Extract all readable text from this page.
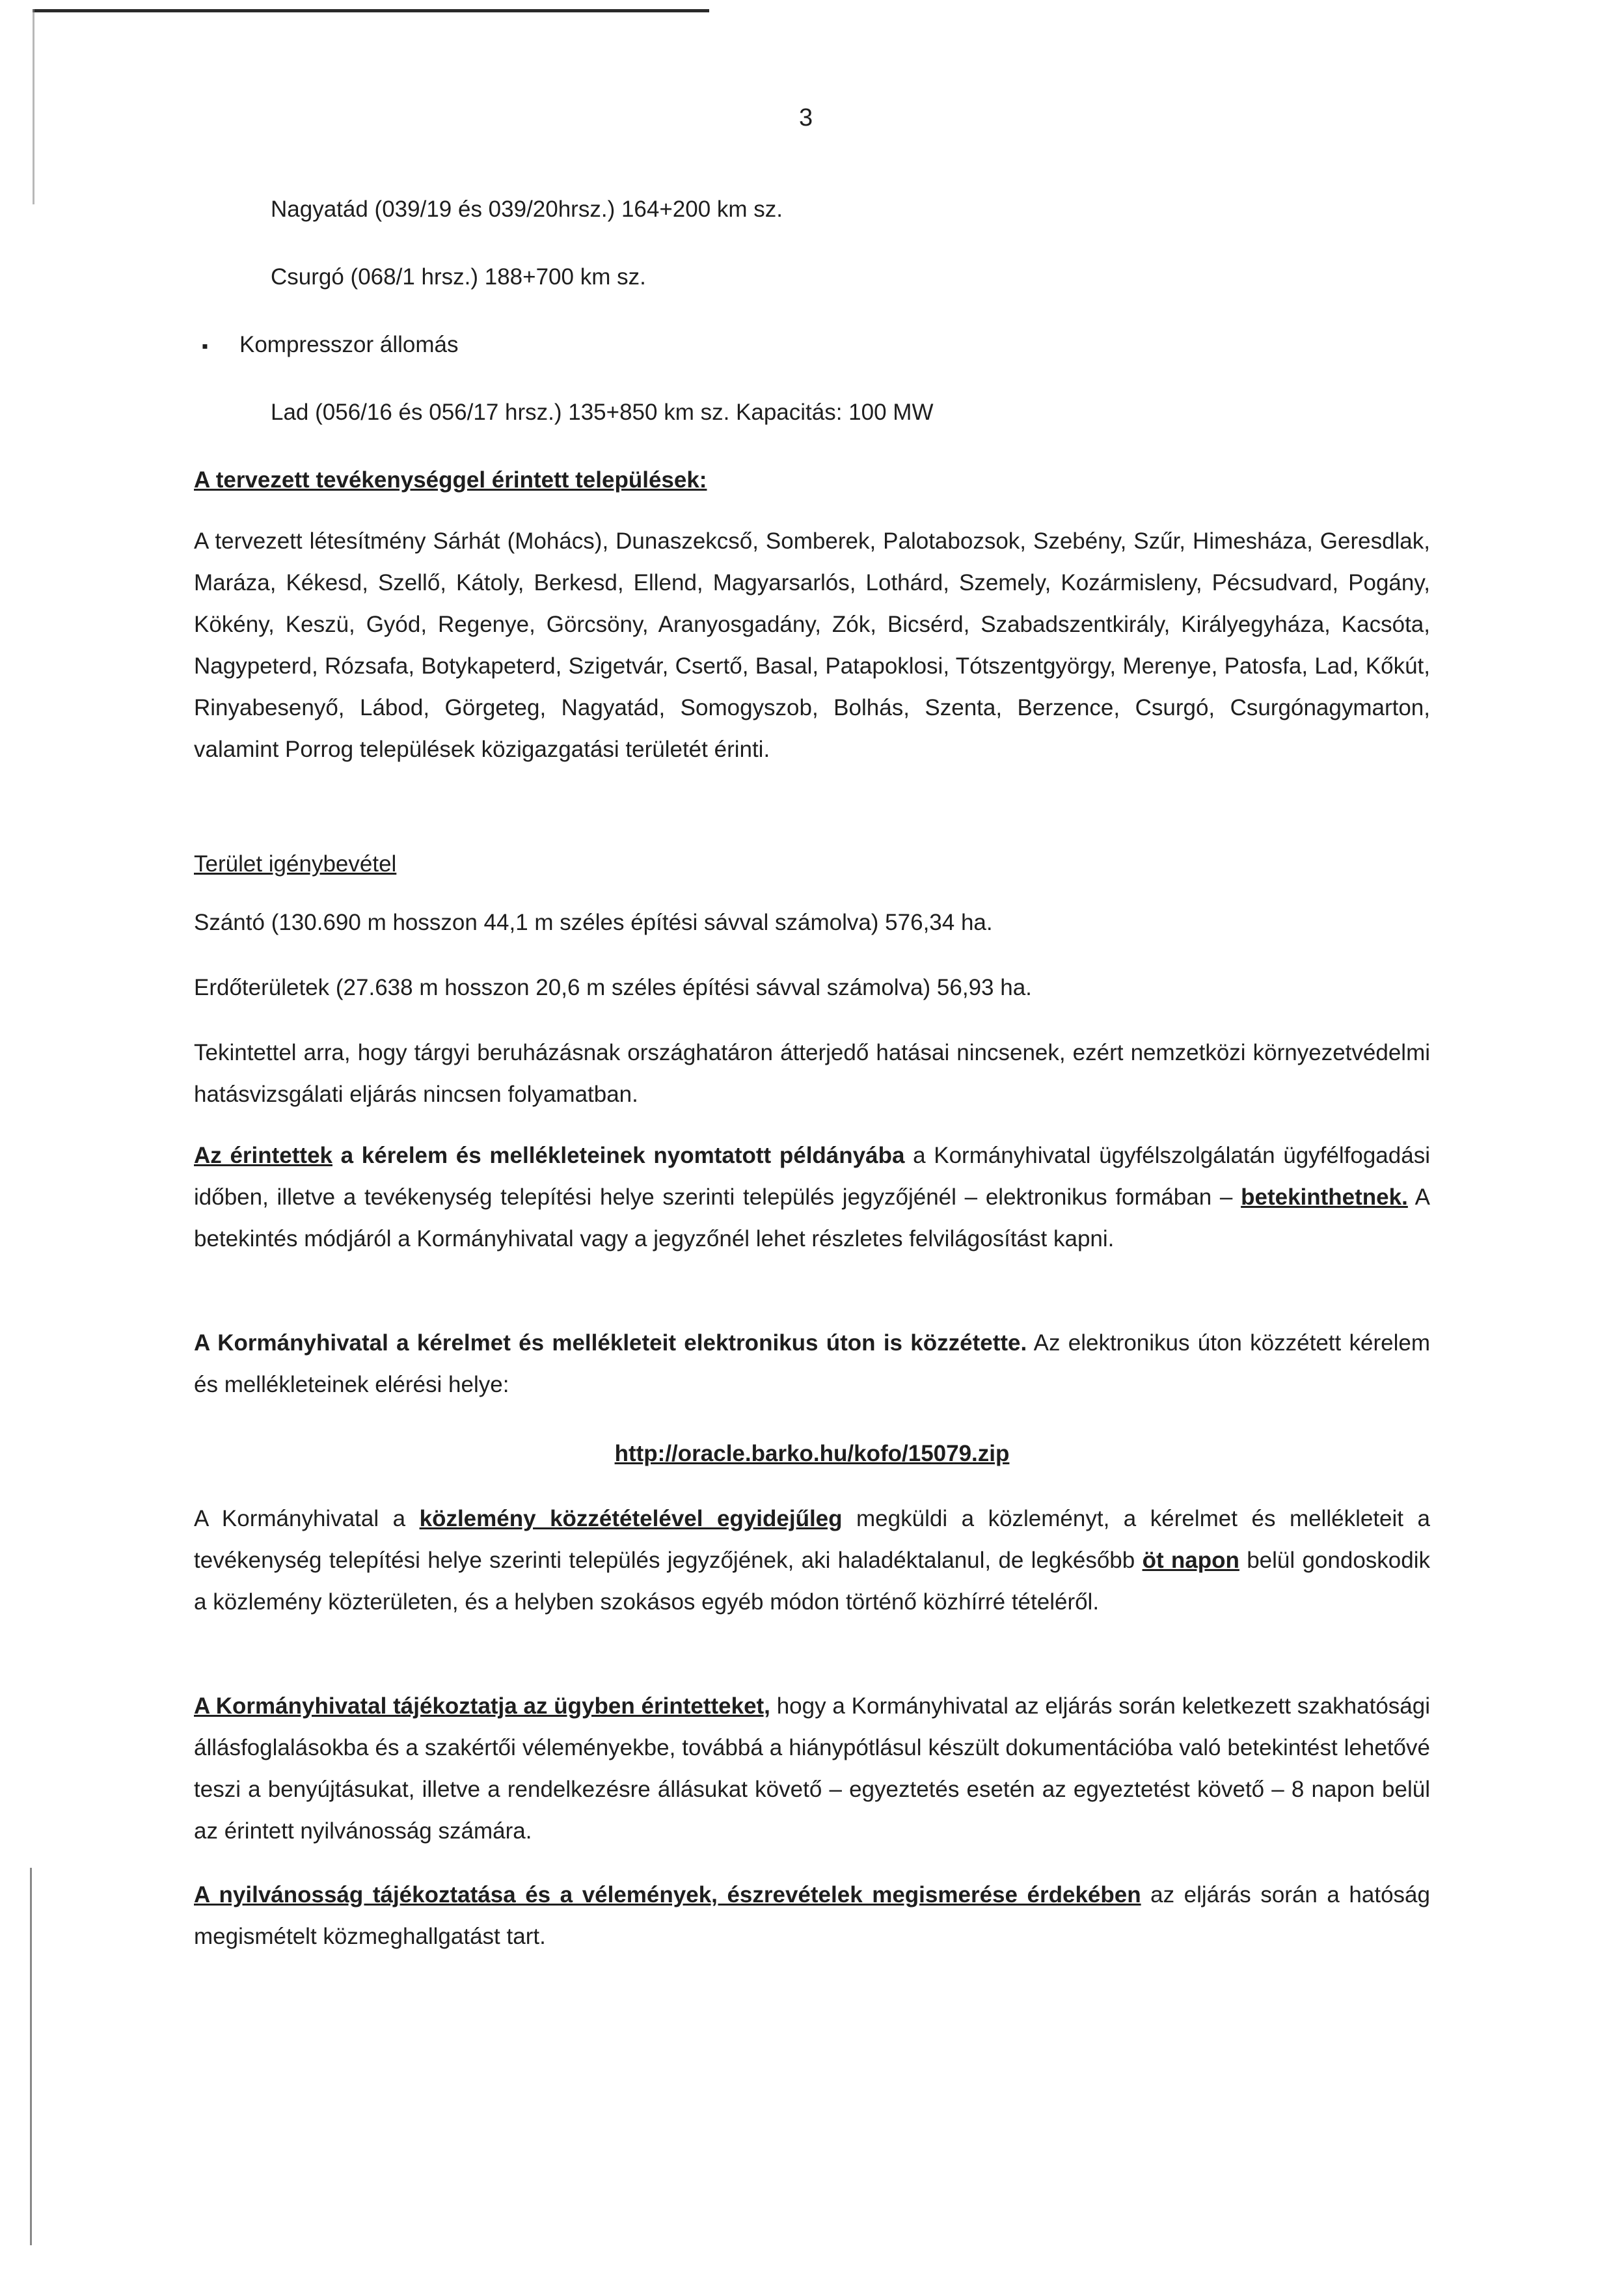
3
Nagyatád (039/19 és 039/20hrsz.) 164+200 km sz.
Csurgó (068/1 hrsz.) 188+700 km sz.
▪ Kompresszor állomás
Lad (056/16 és 056/17 hrsz.) 135+850 km sz. Kapacitás: 100 MW
A tervezett tevékenységgel érintett települések:
A tervezett létesítmény Sárhát (Mohács), Dunaszekcső, Somberek, Palotabozsok, Szebény, Szűr, Himesháza, Geresdlak, Maráza, Kékesd, Szellő, Kátoly, Berkesd, Ellend, Magyarsarlós, Lothárd, Szemely, Kozármisleny, Pécsudvard, Pogány, Kökény, Keszü, Gyód, Regenye, Görcsöny, Aranyosgadány, Zók, Bicsérd, Szabadszentkirály, Királyegyháza, Kacsóta, Nagypeterd, Rózsafa, Botykapeterd, Szigetvár, Csertő, Basal, Patapoklosi, Tótszentgyörgy, Merenye, Patosfa, Lad, Kőkút, Rinyabesenyő, Lábod, Görgeteg, Nagyatád, Somogyszob, Bolhás, Szenta, Berzence, Csurgó, Csurgónagymarton, valamint Porrog települések közigazgatási területét érinti.
Terület igénybevétel
Szántó (130.690 m hosszon 44,1 m széles építési sávval számolva) 576,34 ha.
Erdőterületek (27.638 m hosszon 20,6 m széles építési sávval számolva) 56,93 ha.
Tekintettel arra, hogy tárgyi beruházásnak országhatáron átterjedő hatásai nincsenek, ezért nemzetközi környezetvédelmi hatásvizsgálati eljárás nincsen folyamatban.
Az érintettek a kérelem és mellékleteinek nyomtatott példányába a Kormányhivatal ügyfélszolgálatán ügyfélfogadási időben, illetve a tevékenység telepítési helye szerinti település jegyzőjénél – elektronikus formában – betekinthetnek. A betekintés módjáról a Kormányhivatal vagy a jegyzőnél lehet részletes felvilágosítást kapni.
A Kormányhivatal a kérelmet és mellékleteit elektronikus úton is közzétette. Az elektronikus úton közzétett kérelem és mellékleteinek elérési helye:
http://oracle.barko.hu/kofo/15079.zip
A Kormányhivatal a közlemény közzétételével egyidejűleg megküldi a közleményt, a kérelmet és mellékleteit a tevékenység telepítési helye szerinti település jegyzőjének, aki haladéktalanul, de legkésőbb öt napon belül gondoskodik a közlemény közterületen, és a helyben szokásos egyéb módon történő közhírré tételéről.
A Kormányhivatal tájékoztatja az ügyben érintetteket, hogy a Kormányhivatal az eljárás során keletkezett szakhatósági állásfoglalásokba és a szakértői véleményekbe, továbbá a hiánypótlásul készült dokumentációba való betekintést lehetővé teszi a benyújtásukat, illetve a rendelkezésre állásukat követő – egyeztetés esetén az egyeztetést követő – 8 napon belül az érintett nyilvánosság számára.
A nyilvánosság tájékoztatása és a vélemények, észrevételek megismerése érdekében az eljárás során a hatóság megismételt közmeghallgatást tart.
